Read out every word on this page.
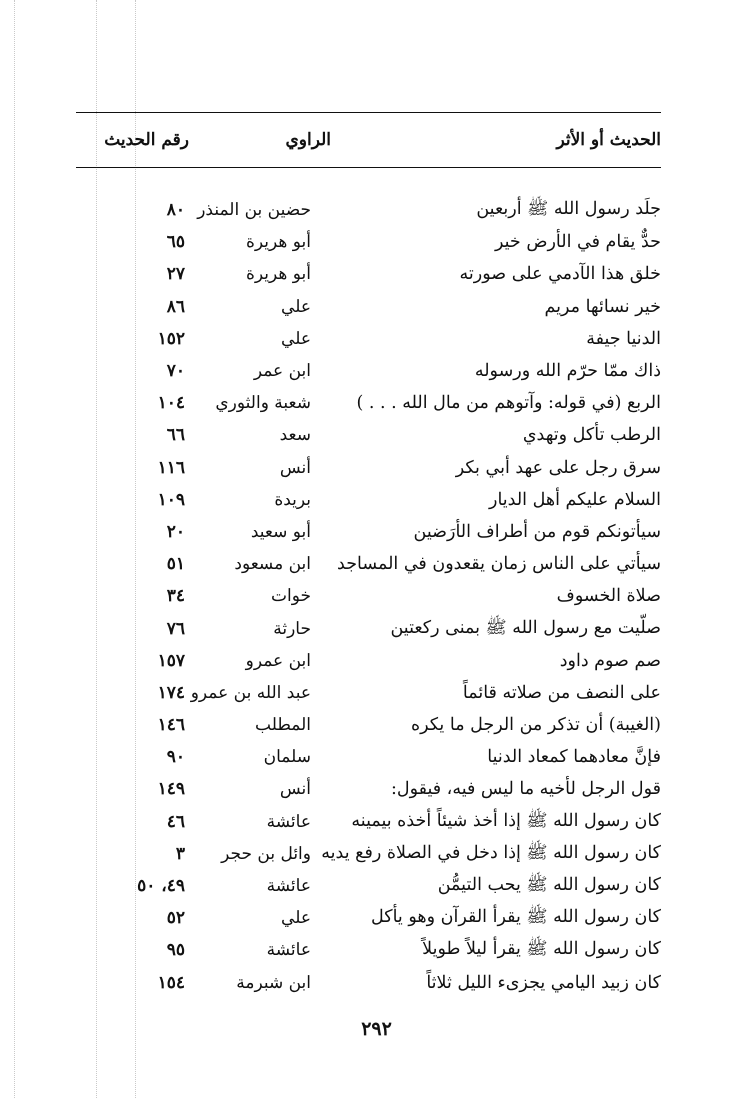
الحديث أو الأثر
الراوي
رقم الحديث
جلَد رسول الله ﷺ أربعين
حضين بن المنذر
٨٠
حدٌّ يقام في الأرض خير
أبو هريرة
٦٥
خلق هذا الآدمي على صورته
أبو هريرة
٢٧
خير نسائها مريم
علي
٨٦
الدنيا جيفة
علي
١٥٢
ذاك ممّا حرّم الله ورسوله
ابن عمر
٧٠
الربع (في قوله: وآتوهم من مال الله . . . )
شعبة والثوري
١٠٤
الرطب تأكل وتهدي
سعد
٦٦
سرق رجل على عهد أبي بكر
أنس
١١٦
السلام عليكم أهل الديار
بريدة
١٠٩
سيأتونكم قوم من أطراف الأرَضين
أبو سعيد
٢٠
سيأتي على الناس زمان يقعدون في المساجد
ابن مسعود
٥١
صلاة الخسوف
خوات
٣٤
صلّيت مع رسول الله ﷺ بمنى ركعتين
حارثة
٧٦
صم صوم داود
ابن عمرو
١٥٧
على النصف من صلاته قائماً
عبد الله بن عمرو
١٧٤
(الغيبة) أن تذكر من الرجل ما يكره
المطلب
١٤٦
فإنَّ معادهما كمعاد الدنيا
سلمان
٩٠
قول الرجل لأخيه ما ليس فيه، فيقول:
أنس
١٤٩
كان رسول الله ﷺ إذا أخذ شيئاً أخذه بيمينه
عائشة
٤٦
كان رسول الله ﷺ إذا دخل في الصلاة رفع يديه
وائل بن حجر
٣
كان رسول الله ﷺ يحب التيمُّن
عائشة
٤٩، ٥٠
كان رسول الله ﷺ يقرأ القرآن وهو يأكل
علي
٥٢
كان رسول الله ﷺ يقرأ ليلاً طويلاً
عائشة
٩٥
كان زبيد اليامي يجزىء الليل ثلاثاً
ابن شبرمة
١٥٤
٢٩٢
